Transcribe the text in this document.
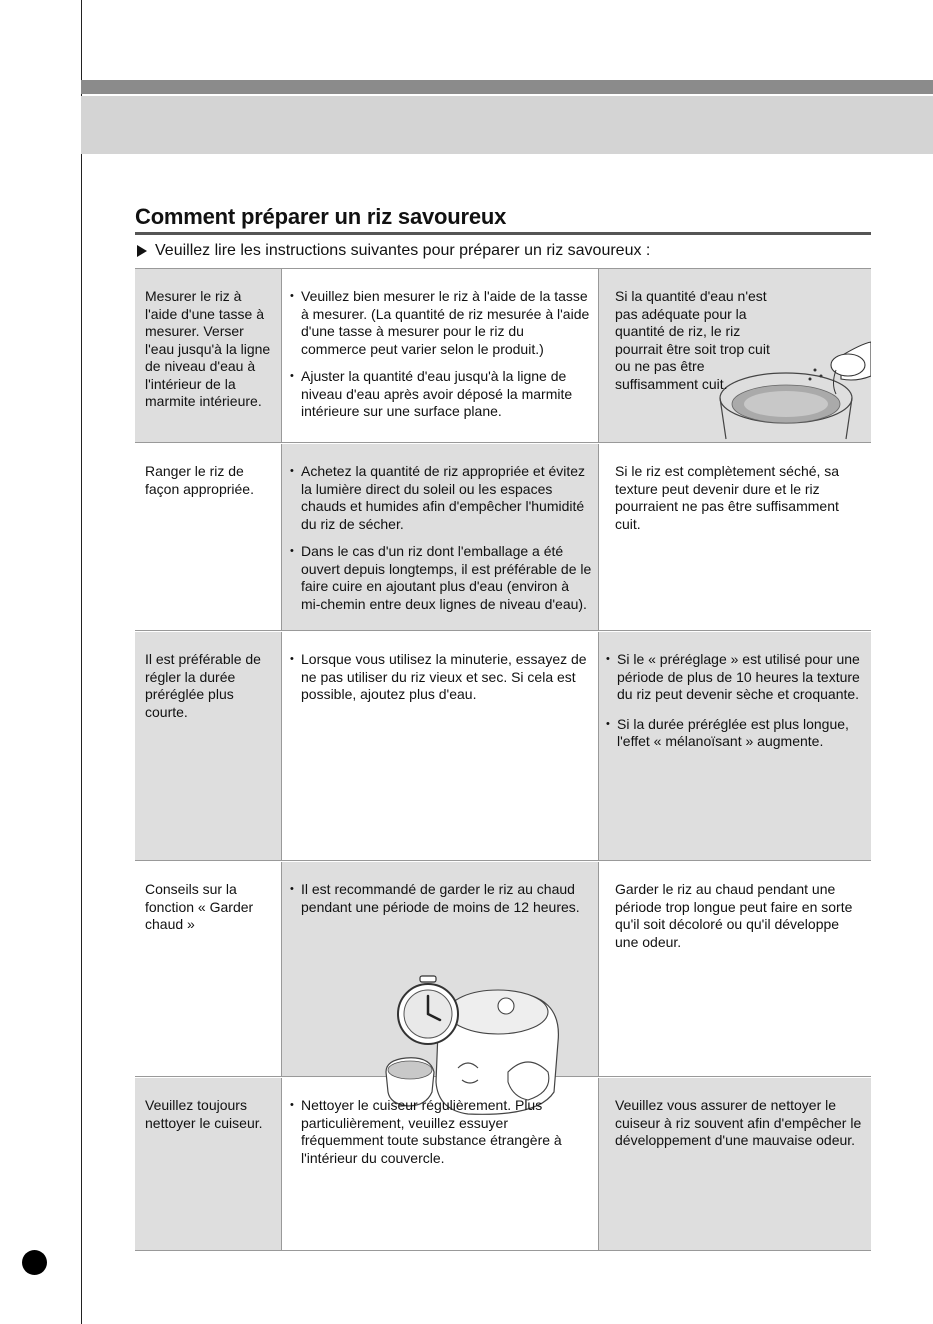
Comment préparer un riz savoureux
Veuillez lire les instructions suivantes pour préparer un riz savoureux :
Mesurer le riz à l'aide d'une tasse à mesurer. Verser l'eau jusqu'à la ligne de niveau d'eau à l'intérieur de la marmite intérieure.
• Veuillez bien mesurer le riz à l'aide de la tasse à mesurer. (La quantité de riz mesurée à l'aide d'une tasse à mesurer pour le riz du commerce peut varier selon le produit.)
• Ajuster la quantité d'eau jusqu'à la ligne de niveau d'eau après avoir déposé la marmite intérieure sur une surface plane.
Si la quantité d'eau n'est pas adéquate pour la quantité de riz, le riz pourrait être soit trop cuit ou ne pas être suffisamment cuit.
Ranger le riz de façon appropriée.
• Achetez la quantité de riz appropriée et évitez la lumière direct du soleil ou les espaces chauds et humides afin d'empêcher l'humidité du riz de sécher.
• Dans le cas d'un riz dont l'emballage a été ouvert depuis longtemps, il est préférable de le faire cuire en ajoutant plus d'eau (environ à mi-chemin entre deux lignes de niveau d'eau).
Si le riz est complètement séché, sa texture peut devenir dure et le riz pourraient ne pas être suffisamment cuit.
Il est préférable de régler la durée préréglée plus courte.
• Lorsque vous utilisez la minuterie, essayez de ne pas utiliser du riz vieux et sec. Si cela est possible, ajoutez plus d'eau.
• Si le « préréglage » est utilisé pour une période de plus de 10 heures la texture du riz peut devenir sèche et croquante.
• Si la durée préréglée est plus longue, l'effet « mélanoïsant » augmente.
Conseils sur la fonction « Garder chaud »
• Il est recommandé de garder le riz au chaud pendant une période de moins de 12 heures.
Garder le riz au chaud pendant une période trop longue peut faire en sorte qu'il soit décoloré ou qu'il développe une odeur.
Veuillez toujours nettoyer le cuiseur.
• Nettoyer le cuiseur régulièrement. Plus particulièrement, veuillez essuyer fréquemment toute substance étrangère à l'intérieur du couvercle.
Veuillez vous assurer de nettoyer le cuiseur à riz souvent afin d'empêcher le développement d'une mauvaise odeur.
